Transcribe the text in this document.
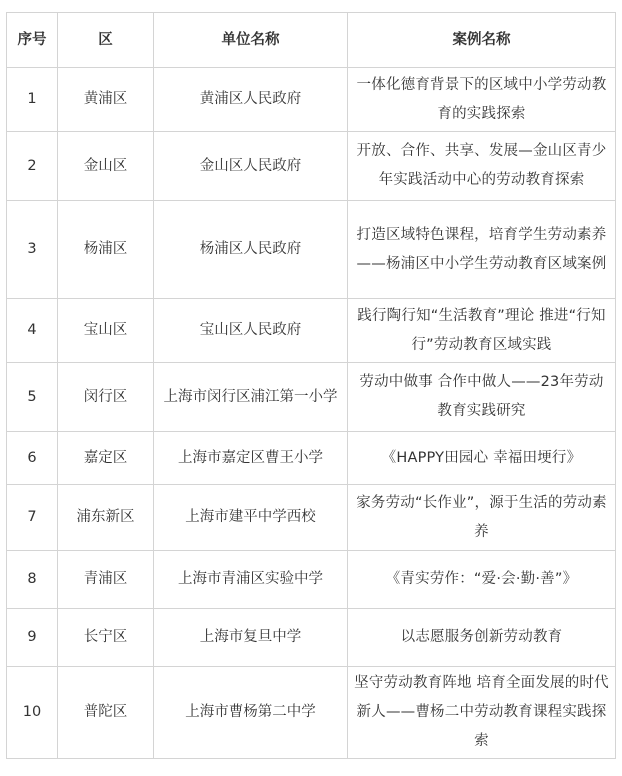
序号	区	单位名称	案例名称
1	黄浦区	黄浦区人民政府	一体化德育背景下的区域中小学劳动教育的实践探索
2	金山区	金山区人民政府	开放、合作、共享、发展—金山区青少年实践活动中心的劳动教育探索
3	杨浦区	杨浦区人民政府	打造区域特色课程，培育学生劳动素养——杨浦区中小学生劳动教育区域案例
4	宝山区	宝山区人民政府	践行陶行知“生活教育”理论 推进“行知行”劳动教育区域实践
5	闵行区	上海市闵行区浦江第一小学	劳动中做事 合作中做人——23年劳动教育实践研究
6	嘉定区	上海市嘉定区曹王小学	《HAPPY田园心 幸福田埂行》
7	浦东新区	上海市建平中学西校	家务劳动“长作业”，源于生活的劳动素养
8	青浦区	上海市青浦区实验中学	《青实劳作：“爱·会·勤·善”》
9	长宁区	上海市复旦中学	以志愿服务创新劳动教育
10	普陀区	上海市曹杨第二中学	坚守劳动教育阵地 培育全面发展的时代新人——曹杨二中劳动教育课程实践探索
